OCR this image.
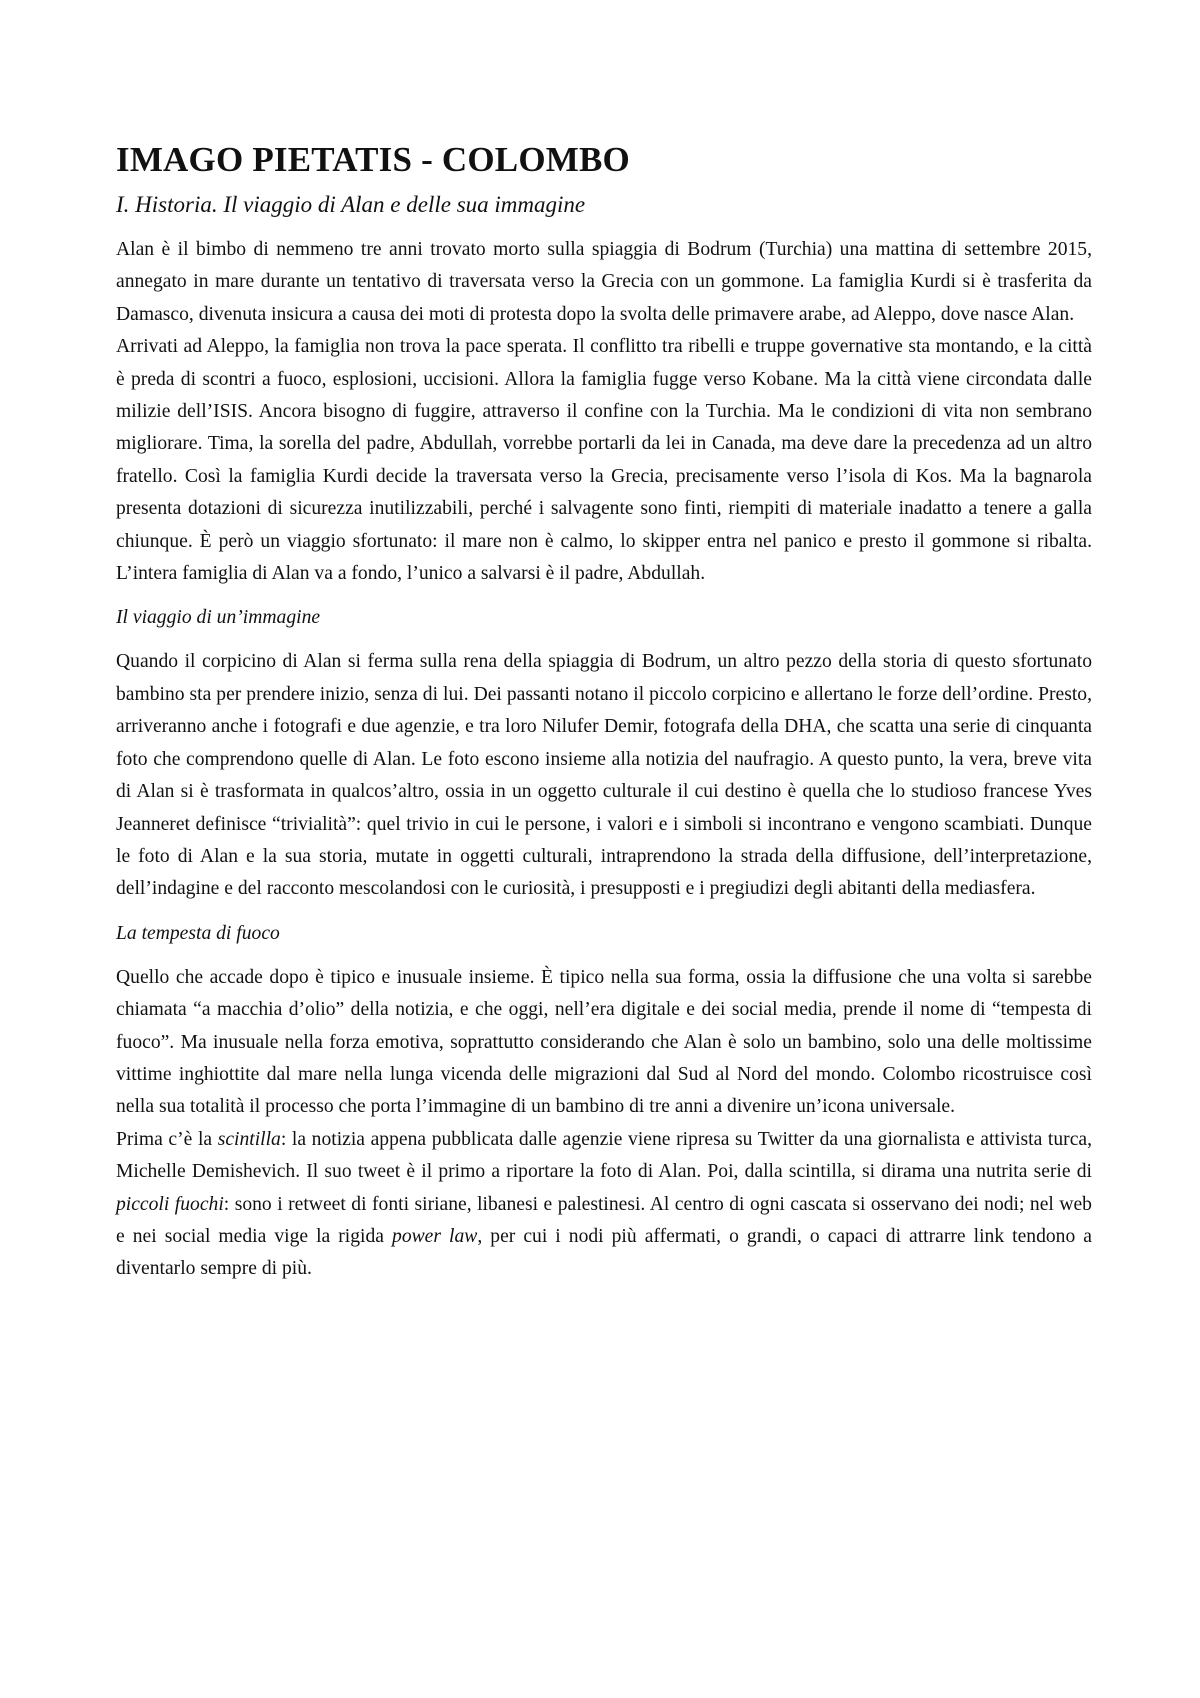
IMAGO PIETATIS - COLOMBO
I. Historia. Il viaggio di Alan e delle sua immagine

Alan è il bimbo di nemmeno tre anni trovato morto sulla spiaggia di Bodrum (Turchia) una mattina di settembre 2015, annegato in mare durante un tentativo di traversata verso la Grecia con un gommone. La famiglia Kurdi si è trasferita da Damasco, divenuta insicura a causa dei moti di protesta dopo la svolta delle primavere arabe, ad Aleppo, dove nasce Alan.

Arrivati ad Aleppo, la famiglia non trova la pace sperata. Il conflitto tra ribelli e truppe governative sta montando, e la città è preda di scontri a fuoco, esplosioni, uccisioni. Allora la famiglia fugge verso Kobane. Ma la città viene circondata dalle milizie dell’ISIS. Ancora bisogno di fuggire, attraverso il confine con la Turchia. Ma le condizioni di vita non sembrano migliorare. Tima, la sorella del padre, Abdullah, vorrebbe portarli da lei in Canada, ma deve dare la precedenza ad un altro fratello. Così la famiglia Kurdi decide la traversata verso la Grecia, precisamente verso l’isola di Kos. Ma la bagnarola presenta dotazioni di sicurezza inutilizzabili, perché i salvagente sono finti, riempiti di materiale inadatto a tenere a galla chiunque. È però un viaggio sfortunato: il mare non è calmo, lo skipper entra nel panico e presto il gommone si ribalta. L’intera famiglia di Alan va a fondo, l’unico a salvarsi è il padre, Abdullah.

Il viaggio di un’immagine

Quando il corpicino di Alan si ferma sulla rena della spiaggia di Bodrum, un altro pezzo della storia di questo sfortunato bambino sta per prendere inizio, senza di lui. Dei passanti notano il piccolo corpicino e allertano le forze dell’ordine. Presto, arriveranno anche i fotografi e due agenzie, e tra loro Nilufer Demir, fotografa della DHA, che scatta una serie di cinquanta foto che comprendono quelle di Alan. Le foto escono insieme alla notizia del naufragio. A questo punto, la vera, breve vita di Alan si è trasformata in qualcos’altro, ossia in un oggetto culturale il cui destino è quella che lo studioso francese Yves Jeanneret definisce “trivialità”: quel trivio in cui le persone, i valori e i simboli si incontrano e vengono scambiati. Dunque le foto di Alan e la sua storia, mutate in oggetti culturali, intraprendono la strada della diffusione, dell’interpretazione, dell’indagine e del racconto mescolandosi con le curiosità, i presupposti e i pregiudizi degli abitanti della mediasfera.

La tempesta di fuoco

Quello che accade dopo è tipico e inusuale insieme. È tipico nella sua forma, ossia la diffusione che una volta si sarebbe chiamata “a macchia d’olio” della notizia, e che oggi, nell’era digitale e dei social media, prende il nome di “tempesta di fuoco”. Ma inusuale nella forza emotiva, soprattutto considerando che Alan è solo un bambino, solo una delle moltissime vittime inghiottite dal mare nella lunga vicenda delle migrazioni dal Sud al Nord del mondo. Colombo ricostruisce così nella sua totalità il processo che porta l’immagine di un bambino di tre anni a divenire un’icona universale.

Prima c’è la scintilla: la notizia appena pubblicata dalle agenzie viene ripresa su Twitter da una giornalista e attivista turca, Michelle Demishevich. Il suo tweet è il primo a riportare la foto di Alan. Poi, dalla scintilla, si dirama una nutrita serie di piccoli fuochi: sono i retweet di fonti siriane, libanesi e palestinesi. Al centro di ogni cascata si osservano dei nodi; nel web e nei social media vige la rigida power law, per cui i nodi più affermati, o grandi, o capaci di attrarre link tendono a diventarlo sempre di più.
